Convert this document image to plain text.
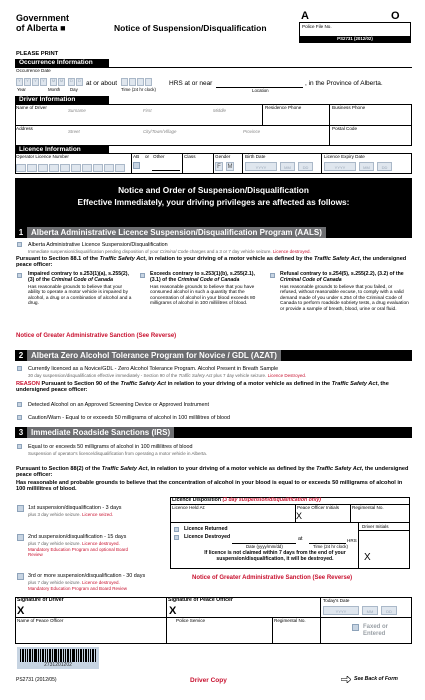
Government
of Alberta ■	Notice of Suspension/Disqualification
A	O
Police File No.
PS2731 (2012/02)
PLEASE PRINT
Occurrence Information
Occurrence Date
Y	Y	Y	Y	M	M	D	D
Year	Month Day
at or about
Time (24 hr clock)
HRS at or near
Location
, in the Province of Alberta.
Driver Information
Name of Driver
Surname	First	Middle
Residence Phone	Business Phone
Address
Street	City/Town/Village	Province
Postal Code
Licence Information
Operator Licence Number	AB or Other	Class	Gender
F	M
Birth Date
YYYY	MM	DD
Licence Expiry Date
YYYY	MM	DD
Notice and Order of Suspension/Disqualification
Effective Immediately, your driving privileges are affected as follows:
1 Alberta Administrative Licence Suspension/Disqualification Program (AALS)
Alberta Administrative Licence Suspension/Disqualification
Immediate suspension/disqualification pending disposition of your Criminal Code charges and a 3 or 7 day vehicle seizure. Licence destroyed.
Pursuant to Section 88.1 of the Traffic Safety Act, in relation to your driving of a motor vehicle as defined by the Traffic Safety Act, the undersigned peace officer:
Impaired contrary to s.253(1)(a), s.255(2), (3) of the Criminal Code of Canada
Has reasonable grounds to believe that your ability to operate a motor vehicle is impaired by alcohol, a drug or a combination of alcohol and a drug.
Exceeds contrary to s.253(1)(b), s.255(2.1), (3.1) of the Criminal Code of Canada
Has reasonable grounds to believe that you have consumed alcohol in such a quantity that the concentration of alcohol in your blood exceeds 80 milligrams of alcohol in 100 millilitres of blood.
Refusal contrary to s.254(5), s.255(2.2), (3.2) of the Criminal Code of Canada
Has reasonable grounds to believe that you failed, or refused, without reasonable excuse, to comply with a valid demand made of you under s.254 of the Criminal Code of Canada to perform roadside sobriety tests, a drug evaluation or provide a sample of breath, blood, urine or oral fluid.
Notice of Greater Administrative Sanction (See Reverse)
2 Alberta Zero Alcohol Tolerance Program for Novice / GDL (AZAT)
Currently licenced as a Novice/GDL - Zero Alcohol Tolerance Program. Alcohol Present in Breath Sample
30 day suspension/disqualification effective immediately - Section 90 of the Traffic Safety Act plus 7 day vehicle seizure. Licence Destroyed.
REASON Pursuant to Section 90 of the Traffic Safety Act in relation to your driving of a motor vehicle as defined in the Traffic Safety Act, the undersigned peace officer:
Detected Alcohol on an Approved Screening Device or Approved Instrument
Caution/Warn - Equal to or exceeds 50 milligrams of alcohol in 100 millilitres of blood
3 Immediate Roadside Sanctions (IRS)
Equal to or exceeds 50 milligrams of alcohol in 100 millilitres of blood
Suspension of operator's licence/disqualification from operating a motor vehicle in Alberta.
Pursuant to Section 88(2) of the Traffic Safety Act, in relation to your driving of a motor vehicle as defined by the Traffic Safety Act, the undersigned peace officer:
Has reasonable and probable grounds to believe that the concentration of alcohol in your blood is equal to or exceeds 50 milligrams of alcohol in 100 millilitres of blood.
1st suspension/disqualification - 3 days
plus 3 day vehicle seizure. Licence seized.
2nd suspension/disqualification - 15 days
plus 7 day vehicle seizure. Licence destroyed.
Mandatory Education Program and optional Board Review
3rd or more suspension/disqualification - 30 days
plus 7 day vehicle seizure. Licence destroyed.
Mandatory Education Program and Board Review
Licence Disposition (3 day suspension/disqualification only)
Licence Held At:	Peace Officer Initials
X
Regimental No.
Licence Returned
Licence Destroyed
Driver Initials
at	HRS
Date (yyyy/mm/dd)	Time (24 hr clock)
If licence is not claimed within 7 days from the end of your suspension/disqualification, it will be destroyed.	X
Notice of Greater Administrative Sanction (See Reverse)
Signature of Driver
X
Signature of Peace Officer
X
Today's Date
YYYY	MM	DD
Name of Peace Officer	Police Service	Regimental No.
Faxed or Entered
2731201202
PS2731 (2012/05)	Driver Copy	See Back of Form
